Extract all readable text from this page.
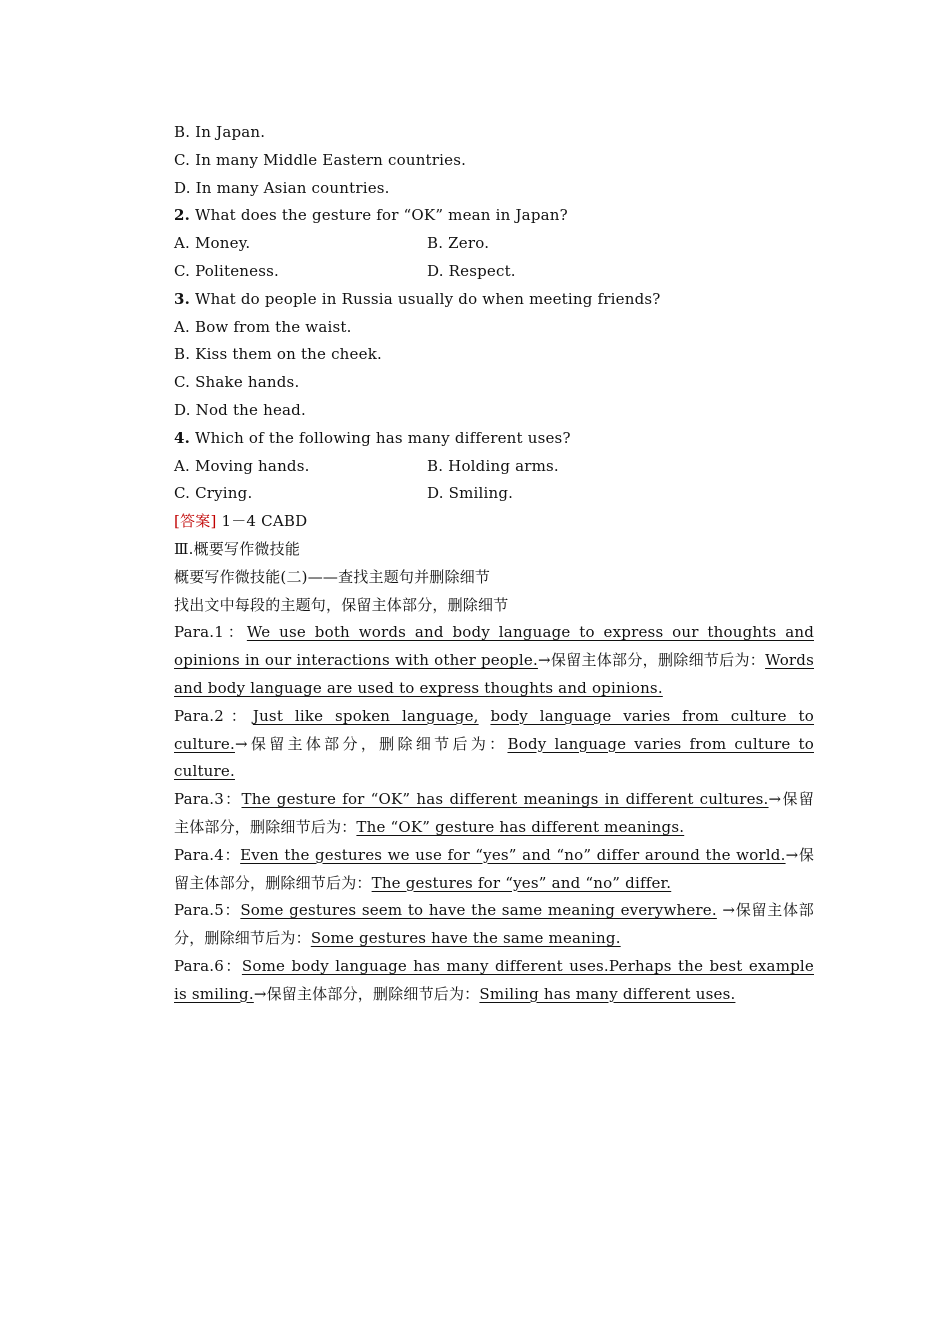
B. In Japan.
C. In many Middle Eastern countries.
D. In many Asian countries.
2. What does the gesture for “OK” mean in Japan?
A. Money.	B. Zero.
C. Politeness.	D. Respect.
3. What do people in Russia usually do when meeting friends?
A. Bow from the waist.
B. Kiss them on the cheek.
C. Shake hands.
D. Nod the head.
4. Which of the following has many different uses?
A. Moving hands.	B. Holding arms.
C. Crying.	D. Smiling.
[答案] 1－4 CABD
Ⅲ.概要写作微技能
概要写作微技能(二)——查找主题句并删除细节
找出文中每段的主题句，保留主体部分，删除细节
Para.1：We use both words and body language to express our thoughts and opinions in our interactions with other people.→保留主体部分，删除细节后为：Words and body language are used to express thoughts and opinions.
Para.2：Just like spoken language, body language varies from culture to culture.→保留主体部分，删除细节后为：Body language varies from culture to culture.
Para.3：The gesture for “OK” has different meanings in different cultures.→保留主体部分，删除细节后为：The “OK” gesture has different meanings.
Para.4：Even the gestures we use for “yes” and “no” differ around the world.→保留主体部分，删除细节后为：The gestures for “yes” and “no” differ.
Para.5：Some gestures seem to have the same meaning everywhere. →保留主体部分，删除细节后为：Some gestures have the same meaning.
Para.6：Some body language has many different uses.Perhaps the best example is smiling.→保留主体部分，删除细节后为：Smiling has many different uses.
